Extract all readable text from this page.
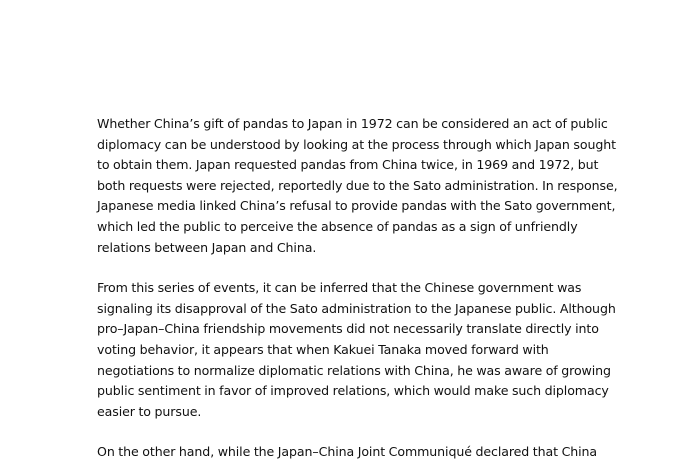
Whether China’s gift of pandas to Japan in 1972 can be considered an act of public
diplomacy can be understood by looking at the process through which Japan sought
to obtain them. Japan requested pandas from China twice, in 1969 and 1972, but
both requests were rejected, reportedly due to the Sato administration. In response,
Japanese media linked China’s refusal to provide pandas with the Sato government,
which led the public to perceive the absence of pandas as a sign of unfriendly
relations between Japan and China.

From this series of events, it can be inferred that the Chinese government was
signaling its disapproval of the Sato administration to the Japanese public. Although
pro–Japan–China friendship movements did not necessarily translate directly into
voting behavior, it appears that when Kakuei Tanaka moved forward with
negotiations to normalize diplomatic relations with China, he was aware of growing
public sentiment in favor of improved relations, which would make such diplomacy
easier to pursue.

On the other hand, while the Japan–China Joint Communiqué declared that China
